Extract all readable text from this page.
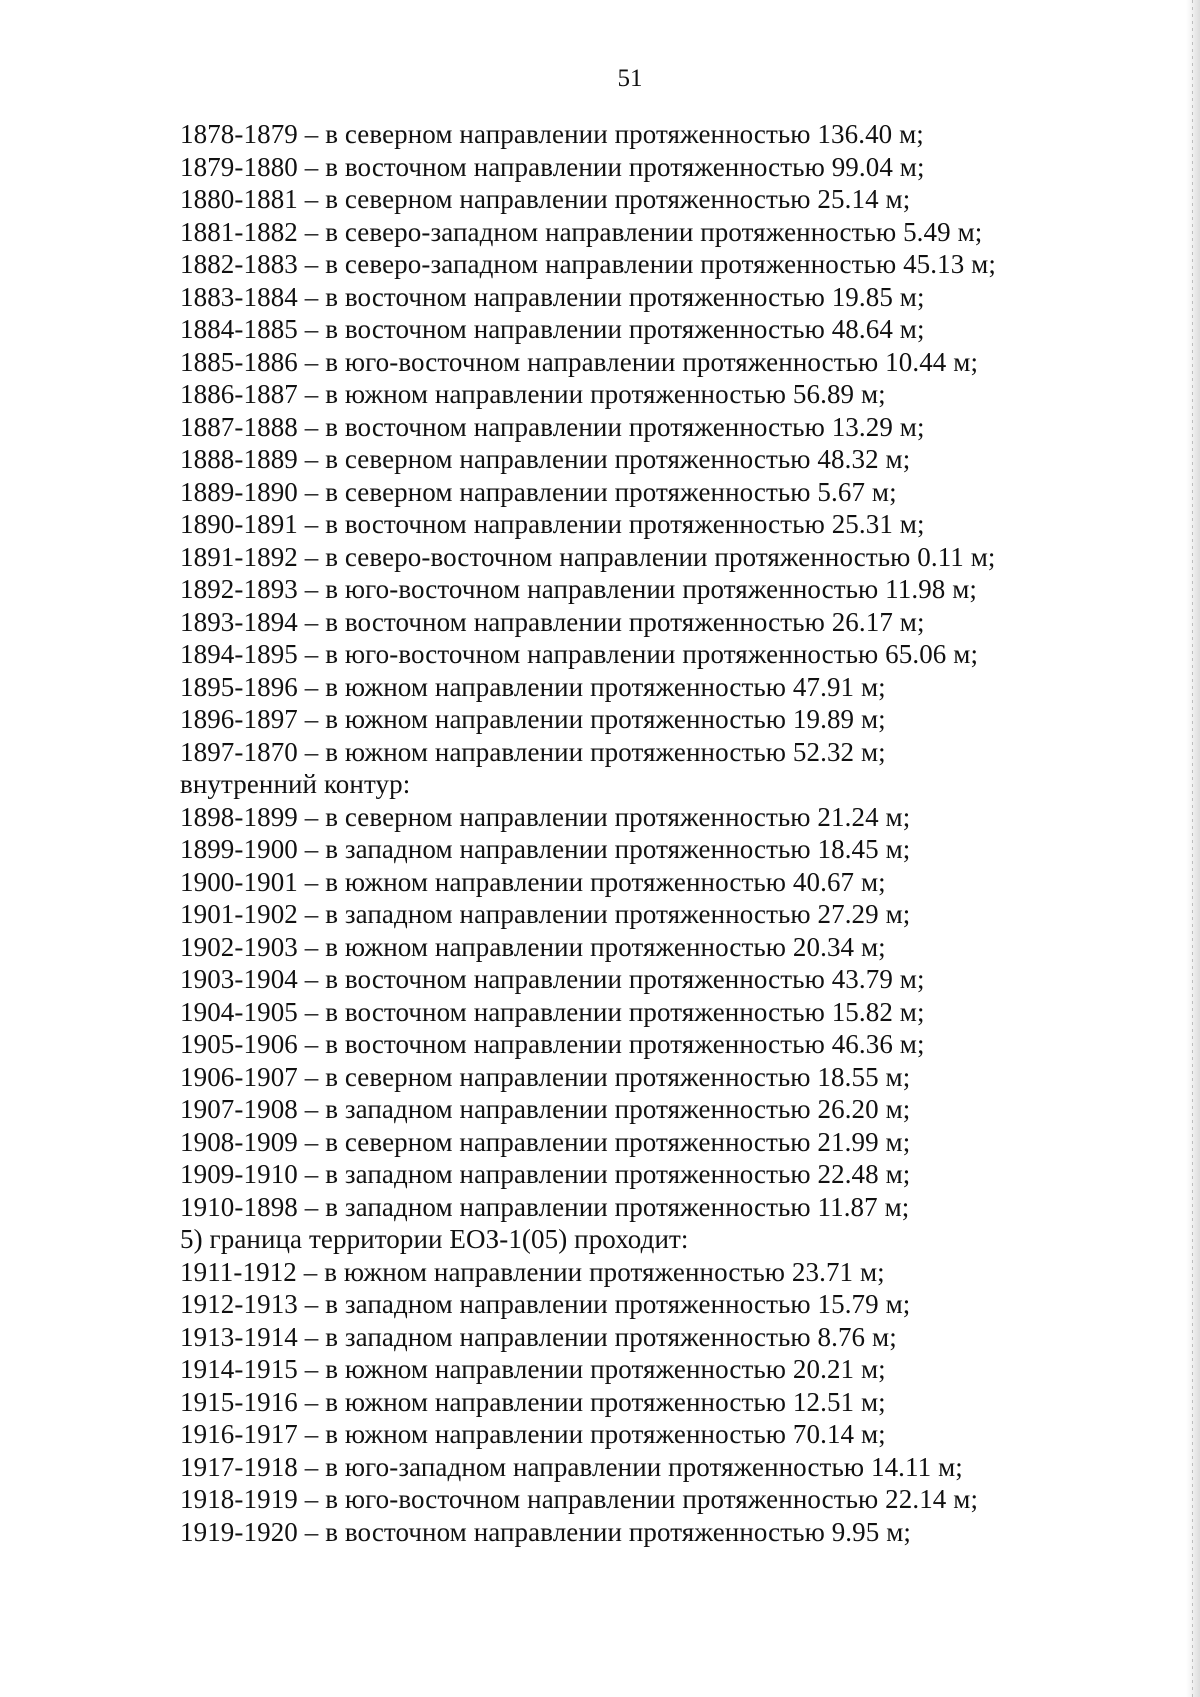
51
1878-1879 – в северном направлении протяженностью 136.40 м;
1879-1880 – в восточном направлении протяженностью 99.04 м;
1880-1881 – в северном направлении протяженностью 25.14 м;
1881-1882 – в северо-западном направлении протяженностью 5.49 м;
1882-1883 – в северо-западном направлении протяженностью 45.13 м;
1883-1884 – в восточном направлении протяженностью 19.85 м;
1884-1885 – в восточном направлении протяженностью 48.64 м;
1885-1886 – в юго-восточном направлении протяженностью 10.44 м;
1886-1887 – в южном направлении протяженностью 56.89 м;
1887-1888 – в восточном направлении протяженностью 13.29 м;
1888-1889 – в северном направлении протяженностью 48.32 м;
1889-1890 – в северном направлении протяженностью 5.67 м;
1890-1891 – в восточном направлении протяженностью 25.31 м;
1891-1892 – в северо-восточном направлении протяженностью 0.11 м;
1892-1893 – в юго-восточном направлении протяженностью 11.98 м;
1893-1894 – в восточном направлении протяженностью 26.17 м;
1894-1895 – в юго-восточном направлении протяженностью 65.06 м;
1895-1896 – в южном направлении протяженностью 47.91 м;
1896-1897 – в южном направлении протяженностью 19.89 м;
1897-1870 – в южном направлении протяженностью 52.32 м;
внутренний контур:
1898-1899 – в северном направлении протяженностью 21.24 м;
1899-1900 – в западном направлении протяженностью 18.45 м;
1900-1901 – в южном направлении протяженностью 40.67 м;
1901-1902 – в западном направлении протяженностью 27.29 м;
1902-1903 – в южном направлении протяженностью 20.34 м;
1903-1904 – в восточном направлении протяженностью 43.79 м;
1904-1905 – в восточном направлении протяженностью 15.82 м;
1905-1906 – в восточном направлении протяженностью 46.36 м;
1906-1907 – в северном направлении протяженностью 18.55 м;
1907-1908 – в западном направлении протяженностью 26.20 м;
1908-1909 – в северном направлении протяженностью 21.99 м;
1909-1910 – в западном направлении протяженностью 22.48 м;
1910-1898 – в западном направлении протяженностью 11.87 м;
5) граница территории ЕОЗ-1(05) проходит:
1911-1912 – в южном направлении протяженностью 23.71 м;
1912-1913 – в западном направлении протяженностью 15.79 м;
1913-1914 – в западном направлении протяженностью 8.76 м;
1914-1915 – в южном направлении протяженностью 20.21 м;
1915-1916 – в южном направлении протяженностью 12.51 м;
1916-1917 – в южном направлении протяженностью 70.14 м;
1917-1918 – в юго-западном направлении протяженностью 14.11 м;
1918-1919 – в юго-восточном направлении протяженностью 22.14 м;
1919-1920 – в восточном направлении протяженностью 9.95 м;
